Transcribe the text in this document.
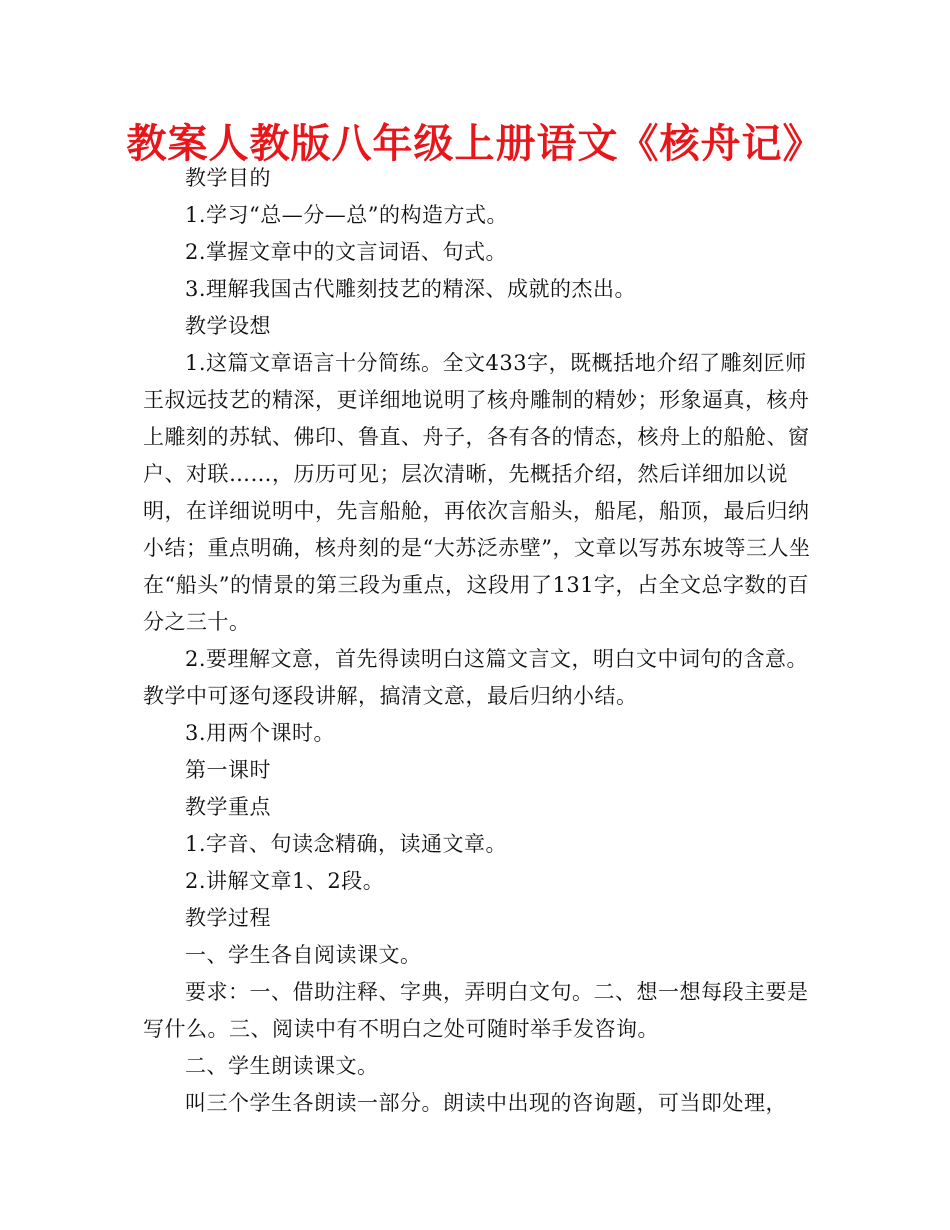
教案人教版八年级上册语文《核舟记》

教学目的

1.学习“总—分—总”的构造方式。

2.掌握文章中的文言词语、句式。

3.理解我国古代雕刻技艺的精深、成就的杰出。

教学设想

1.这篇文章语言十分简练。全文433字，既概括地介绍了雕刻匠师王叔远技艺的精深，更详细地说明了核舟雕制的精妙；形象逼真，核舟上雕刻的苏轼、佛印、鲁直、舟子，各有各的情态，核舟上的船舱、窗户、对联……，历历可见；层次清晰，先概括介绍，然后详细加以说明，在详细说明中，先言船舱，再依次言船头，船尾，船顶，最后归纳小结；重点明确，核舟刻的是“大苏泛赤壁”，文章以写苏东坡等三人坐在“船头”的情景的第三段为重点，这段用了131字，占全文总字数的百分之三十。

2.要理解文意，首先得读明白这篇文言文，明白文中词句的含意。教学中可逐句逐段讲解，搞清文意，最后归纳小结。

3.用两个课时。

第一课时

教学重点

1.字音、句读念精确，读通文章。

2.讲解文章1、2段。

教学过程

一、学生各自阅读课文。

要求：一、借助注释、字典，弄明白文句。二、想一想每段主要是写什么。三、阅读中有不明白之处可随时举手发咨询。

二、学生朗读课文。

叫三个学生各朗读一部分。朗读中出现的咨询题，可当即处理，
